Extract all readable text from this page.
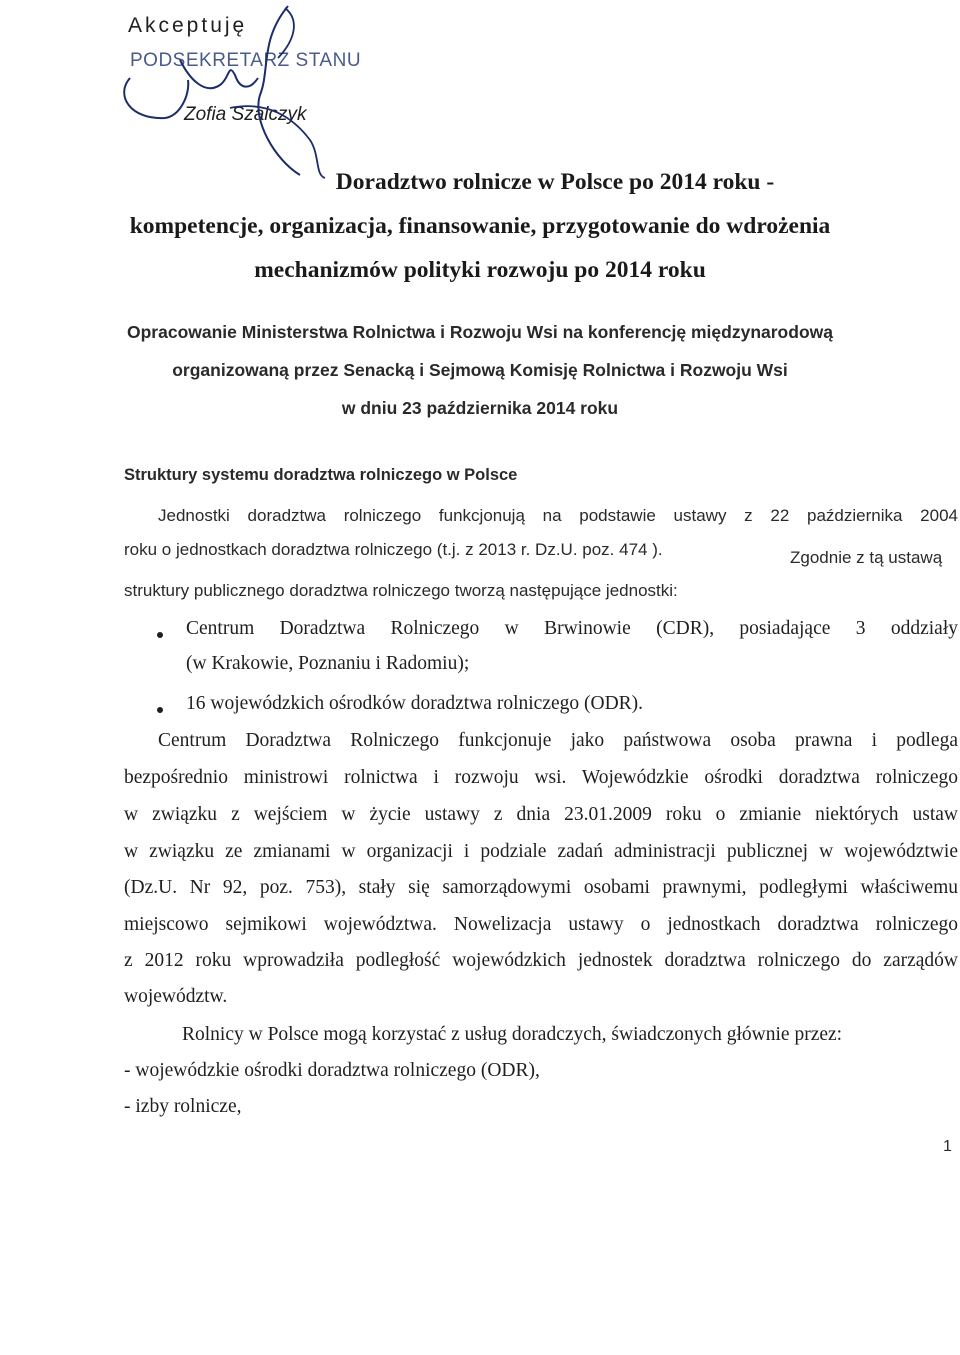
Akceptuję
PODSEKRETARZ STANU
Zofia Szalczyk
Doradztwo rolnicze w Polsce po 2014 roku -
kompetencje, organizacja, finansowanie, przygotowanie do wdrożenia
mechanizmów polityki rozwoju po 2014 roku
Opracowanie Ministerstwa Rolnictwa i Rozwoju Wsi na konferencję międzynarodową
organizowaną przez Senacką i Sejmową Komisję Rolnictwa i Rozwoju Wsi
w dniu 23 października 2014 roku
Struktury systemu doradztwa rolniczego w Polsce
Jednostki doradztwa rolniczego funkcjonują na podstawie ustawy z 22 października 2004
roku o jednostkach doradztwa rolniczego (t.j. z 2013 r. Dz.U. poz. 474 ).	Zgodnie z tą ustawą
struktury publicznego doradztwa rolniczego tworzą następujące jednostki:
Centrum Doradztwa Rolniczego w Brwinowie (CDR), posiadające 3 oddziały
(w Krakowie, Poznaniu i Radomiu);
16 wojewódzkich ośrodków doradztwa rolniczego (ODR).
Centrum Doradztwa Rolniczego funkcjonuje jako państwowa osoba prawna i podlega
bezpośrednio ministrowi rolnictwa i rozwoju wsi. Wojewódzkie ośrodki doradztwa rolniczego
w związku z wejściem w życie ustawy z dnia 23.01.2009 roku o zmianie niektórych ustaw
w związku ze zmianami w organizacji i podziale zadań administracji publicznej w województwie
(Dz.U. Nr 92, poz. 753), stały się samorządowymi osobami prawnymi, podległymi właściwemu
miejscowo sejmikowi województwa. Nowelizacja ustawy o jednostkach doradztwa rolniczego
z 2012 roku wprowadziła podległość wojewódzkich jednostek doradztwa rolniczego do zarządów
województw.
Rolnicy w Polsce mogą korzystać z usług doradczych, świadczonych głównie przez:
- wojewódzkie ośrodki doradztwa rolniczego (ODR),
- izby rolnicze,
1
